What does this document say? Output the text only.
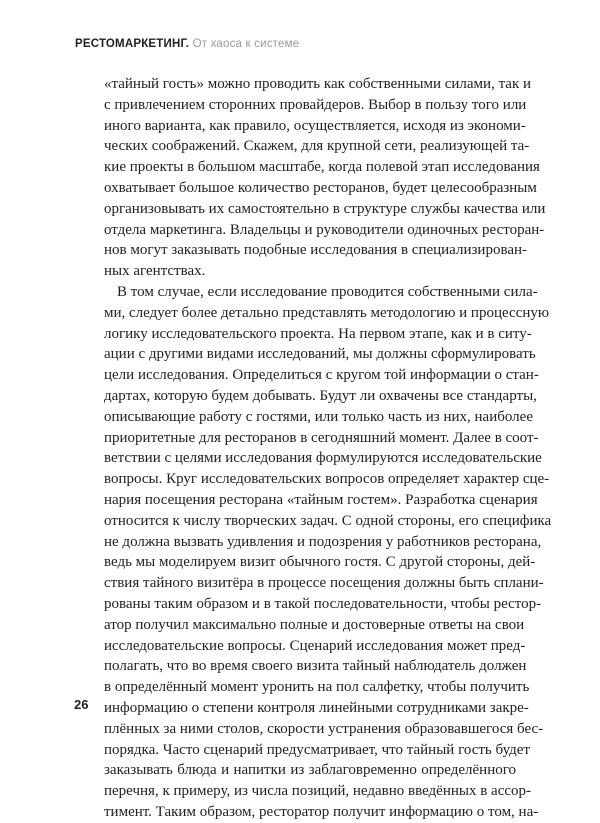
РЕСТОМАРКЕТИНГ. От хаоса к системе
«тайный гость» можно проводить как собственными силами, так и
с привлечением сторонних провайдеров. Выбор в пользу того или
иного варианта, как правило, осуществляется, исходя из экономи-
ческих соображений. Скажем, для крупной сети, реализующей та-
кие проекты в большом масштабе, когда полевой этап исследования
охватывает большое количество ресторанов, будет целесообразным
организовывать их самостоятельно в структуре службы качества или
отдела маркетинга. Владельцы и руководители одиночных ресторан-
нов могут заказывать подобные исследования в специализирован-
ных агентствах.
В том случае, если исследование проводится собственными сила-
ми, следует более детально представлять методологию и процессную
логику исследовательского проекта. На первом этапе, как и в ситу-
ации с другими видами исследований, мы должны сформулировать
цели исследования. Определиться с кругом той информации о стан-
дартах, которую будем добывать. Будут ли охвачены все стандарты,
описывающие работу с гостями, или только часть из них, наиболее
приоритетные для ресторанов в сегодняшний момент. Далее в соот-
ветствии с целями исследования формулируются исследовательские
вопросы. Круг исследовательских вопросов определяет характер сце-
нария посещения ресторана «тайным гостем». Разработка сценария
относится к числу творческих задач. С одной стороны, его специфика
не должна вызвать удивления и подозрения у работников ресторана,
ведь мы моделируем визит обычного гостя. С другой стороны, дей-
ствия тайного визитёра в процессе посещения должны быть сплани-
рованы таким образом и в такой последовательности, чтобы рестор-
атор получил максимально полные и достоверные ответы на свои
исследовательские вопросы. Сценарий исследования может пред-
полагать, что во время своего визита тайный наблюдатель должен
в определённый момент уронить на пол салфетку, чтобы получить
информацию о степени контроля линейными сотрудниками закре-
плённых за ними столов, скорости устранения образовавшегося бес-
порядка. Часто сценарий предусматривает, что тайный гость будет
заказывать блюда и напитки из заблаговременно определённого
перечня, к примеру, из числа позиций, недавно введённых в ассор-
тимент. Таким образом, ресторатор получит информацию о том, на-
26
